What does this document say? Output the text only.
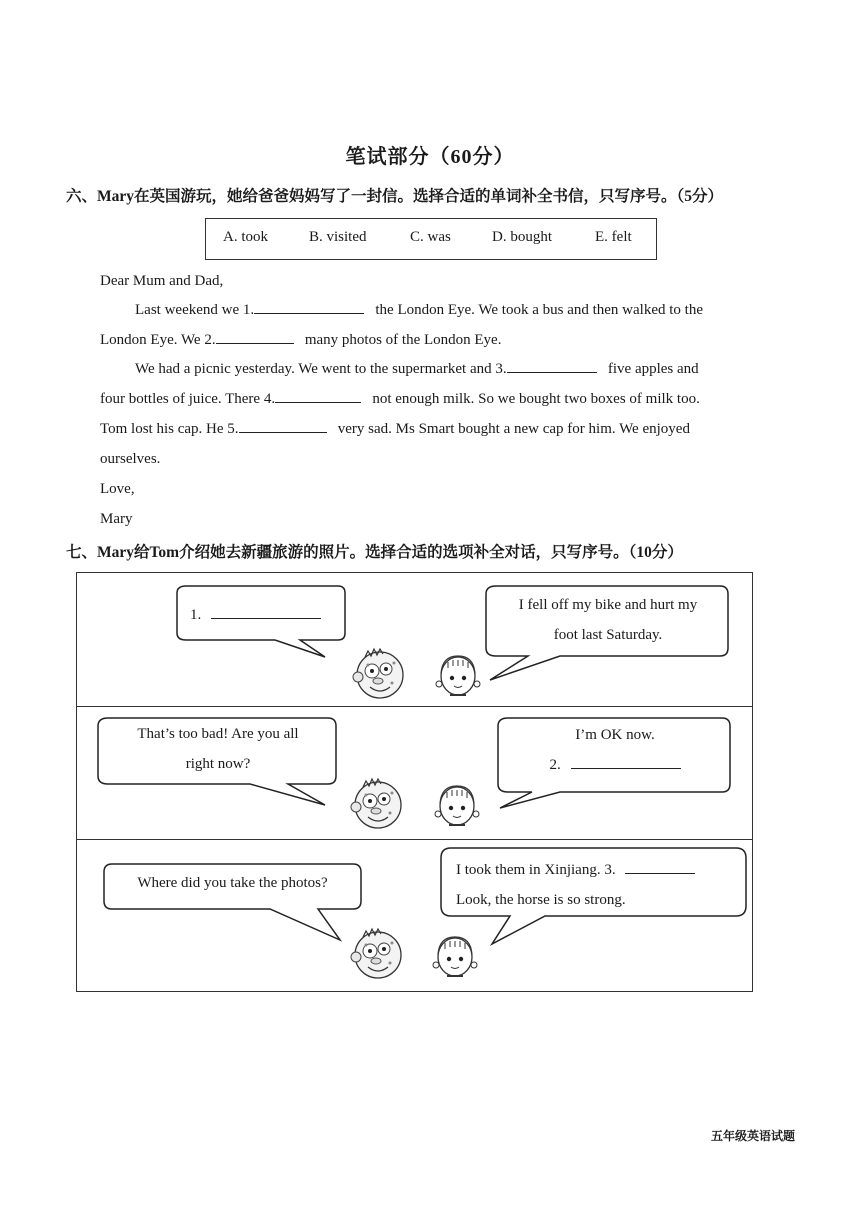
笔试部分（60分）
六、Mary在英国游玩，她给爸爸妈妈写了一封信。选择合适的单词补全书信，只写序号。（5分）
A. took	B. visited	C. was	D. bought	E. felt
Dear Mum and Dad,
Last weekend we 1.	the London Eye. We took a bus and then walked to the
London Eye. We 2.	many photos of the London Eye.
We had a picnic yesterday. We went to the supermarket and 3.	five apples and
four bottles of juice. There 4.	not enough milk. So we bought two boxes of milk too.
Tom lost his cap. He 5.	very sad. Ms Smart bought a new cap for him. We enjoyed
ourselves.
Love,
Mary
七、Mary给Tom介绍她去新疆旅游的照片。选择合适的选项补全对话，只写序号。（10分）
1.
I fell off my bike and hurt my
foot last Saturday.
That’s too bad! Are you all
right now?
I’m OK now.
2.
Where did you take the photos?
I took them in Xinjiang. 3.
Look, the horse is so strong.
五年级英语试题
